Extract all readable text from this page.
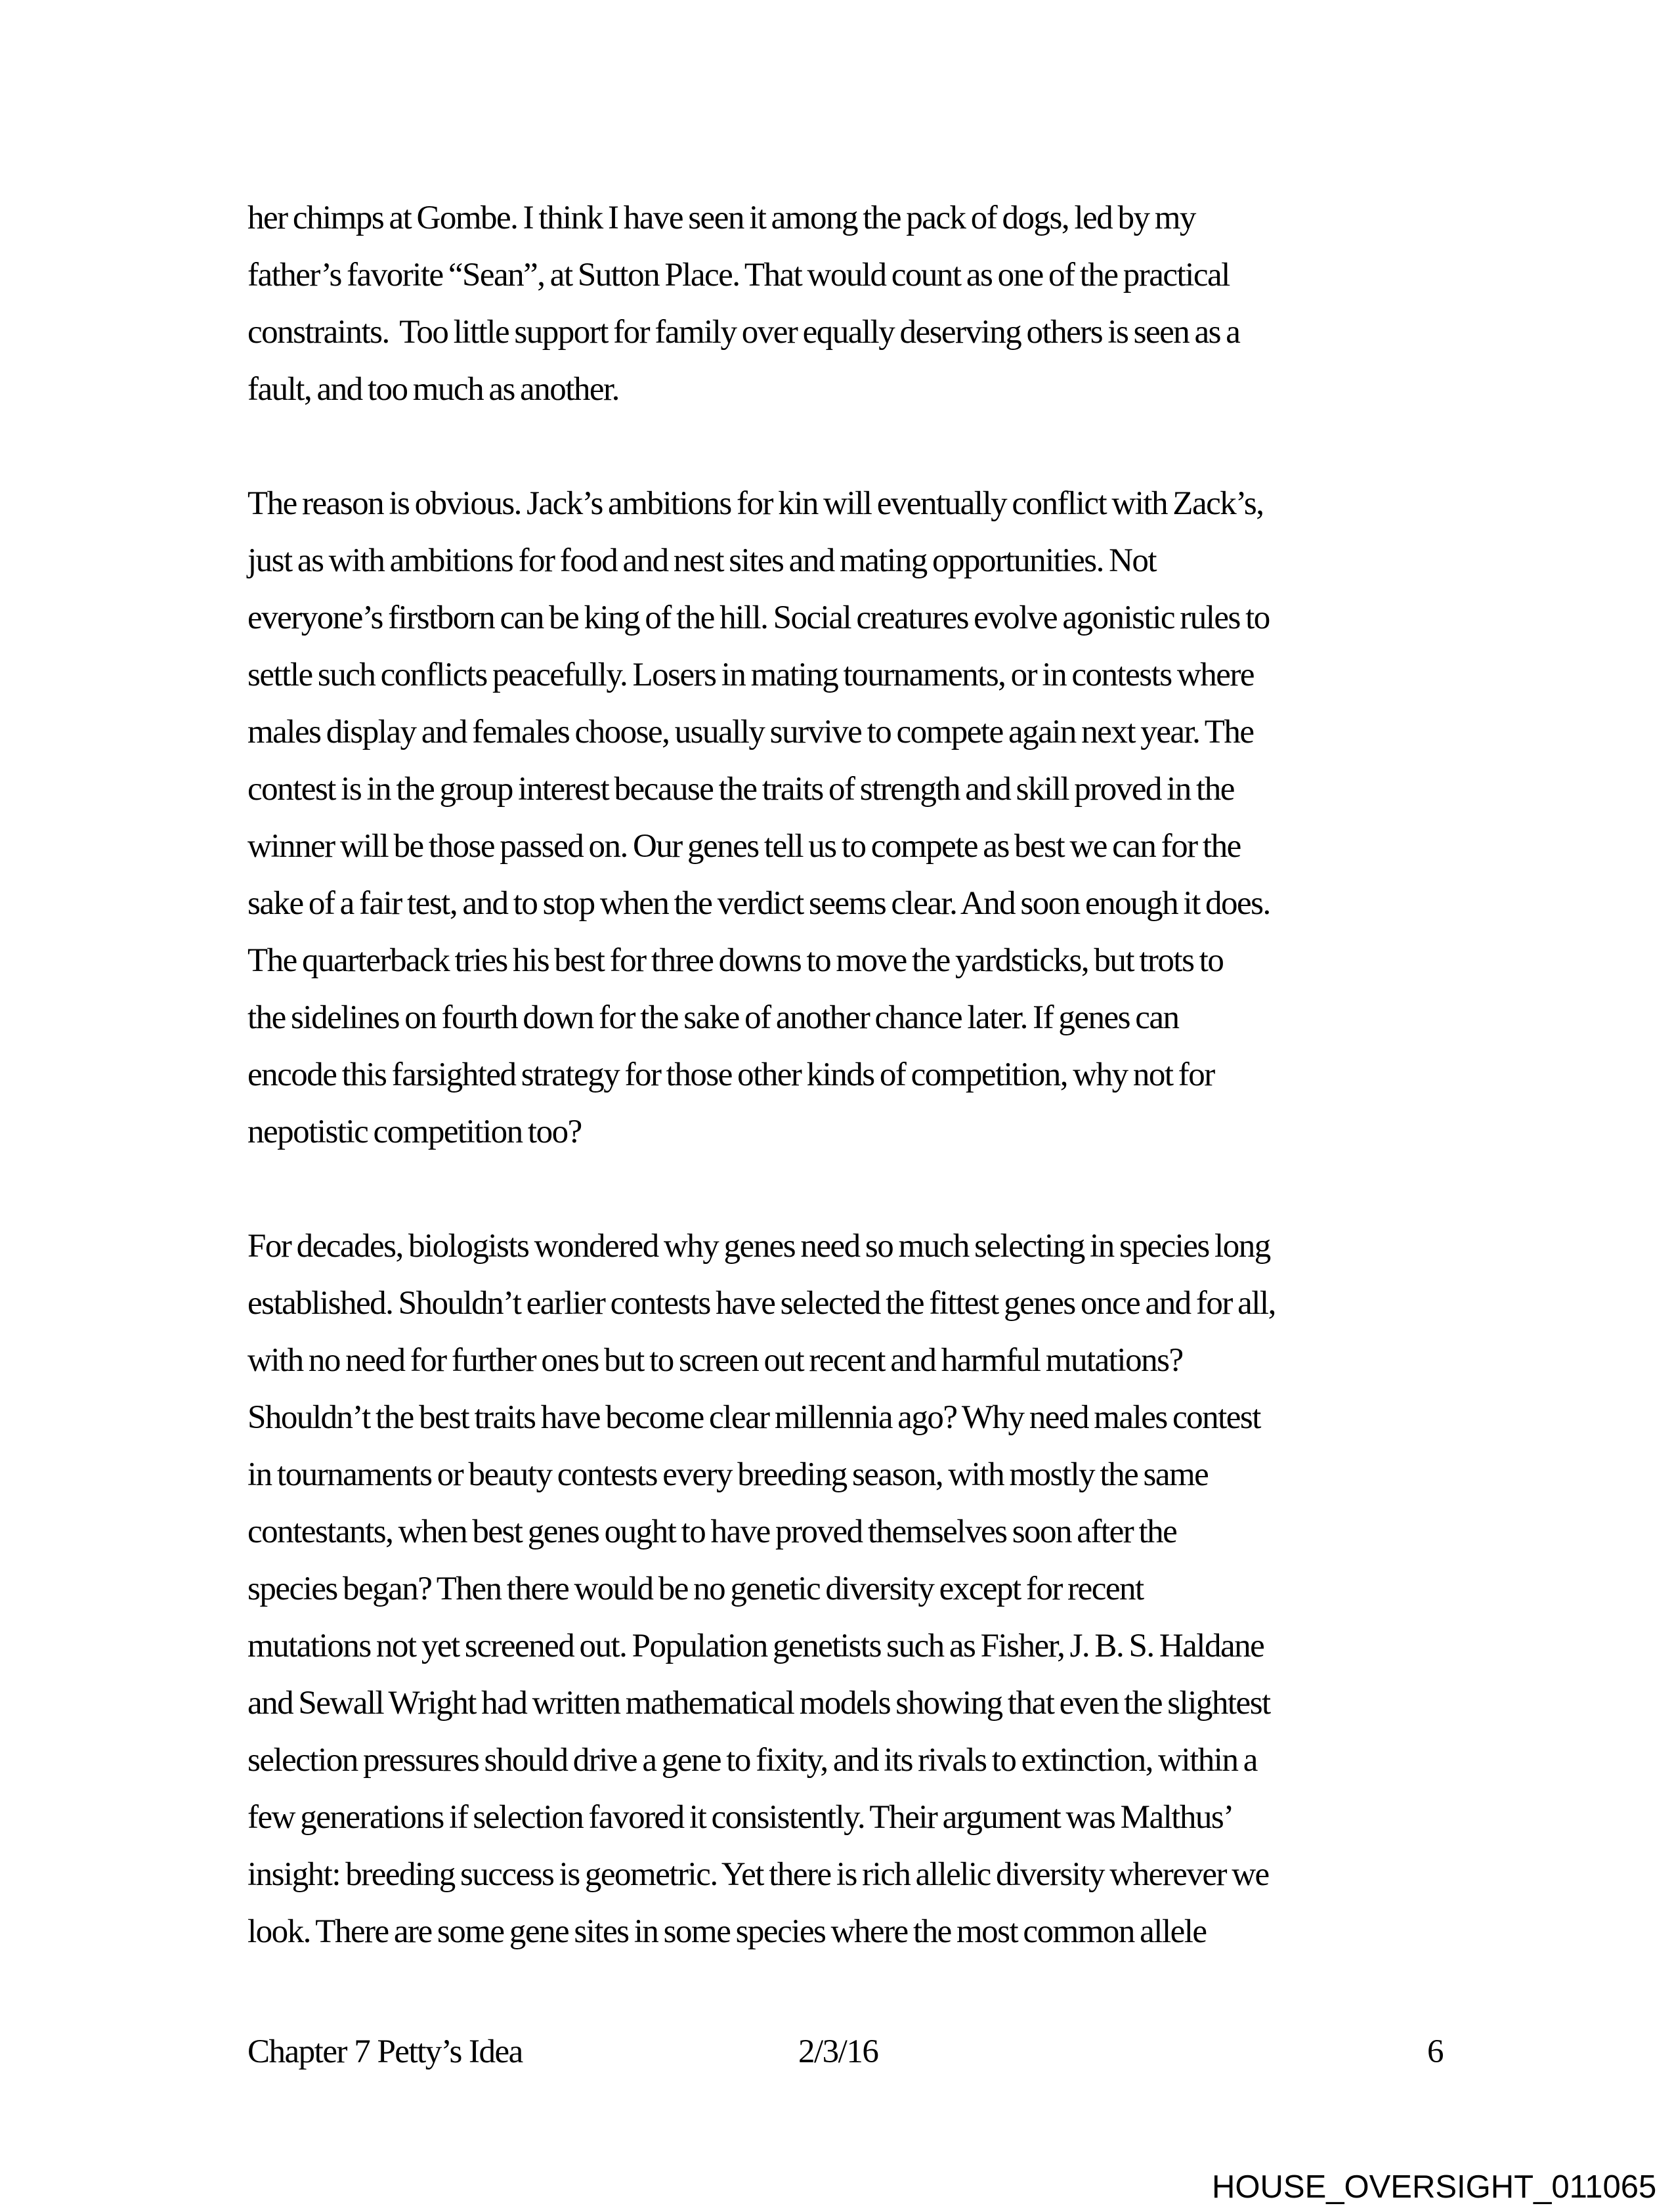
her chimps at Gombe. I think I have seen it among the pack of dogs, led by my
father’s favorite “Sean”, at Sutton Place. That would count as one of the practical
constraints.  Too little support for family over equally deserving others is seen as a
fault, and too much as another.
The reason is obvious. Jack’s ambitions for kin will eventually conflict with Zack’s,
just as with ambitions for food and nest sites and mating opportunities. Not
everyone’s firstborn can be king of the hill. Social creatures evolve agonistic rules to
settle such conflicts peacefully. Losers in mating tournaments, or in contests where
males display and females choose, usually survive to compete again next year. The
contest is in the group interest because the traits of strength and skill proved in the
winner will be those passed on. Our genes tell us to compete as best we can for the
sake of a fair test, and to stop when the verdict seems clear. And soon enough it does.
The quarterback tries his best for three downs to move the yardsticks, but trots to
the sidelines on fourth down for the sake of another chance later. If genes can
encode this farsighted strategy for those other kinds of competition, why not for
nepotistic competition too?
For decades, biologists wondered why genes need so much selecting in species long
established. Shouldn’t earlier contests have selected the fittest genes once and for all,
with no need for further ones but to screen out recent and harmful mutations?
Shouldn’t the best traits have become clear millennia ago? Why need males contest
in tournaments or beauty contests every breeding season, with mostly the same
contestants, when best genes ought to have proved themselves soon after the
species began? Then there would be no genetic diversity except for recent
mutations not yet screened out. Population genetists such as Fisher, J. B. S. Haldane
and Sewall Wright had written mathematical models showing that even the slightest
selection pressures should drive a gene to fixity, and its rivals to extinction, within a
few generations if selection favored it consistently. Their argument was Malthus’
insight: breeding success is geometric. Yet there is rich allelic diversity wherever we
look. There are some gene sites in some species where the most common allele
Chapter 7 Petty’s Idea	2/3/16	6
HOUSE_OVERSIGHT_011065
